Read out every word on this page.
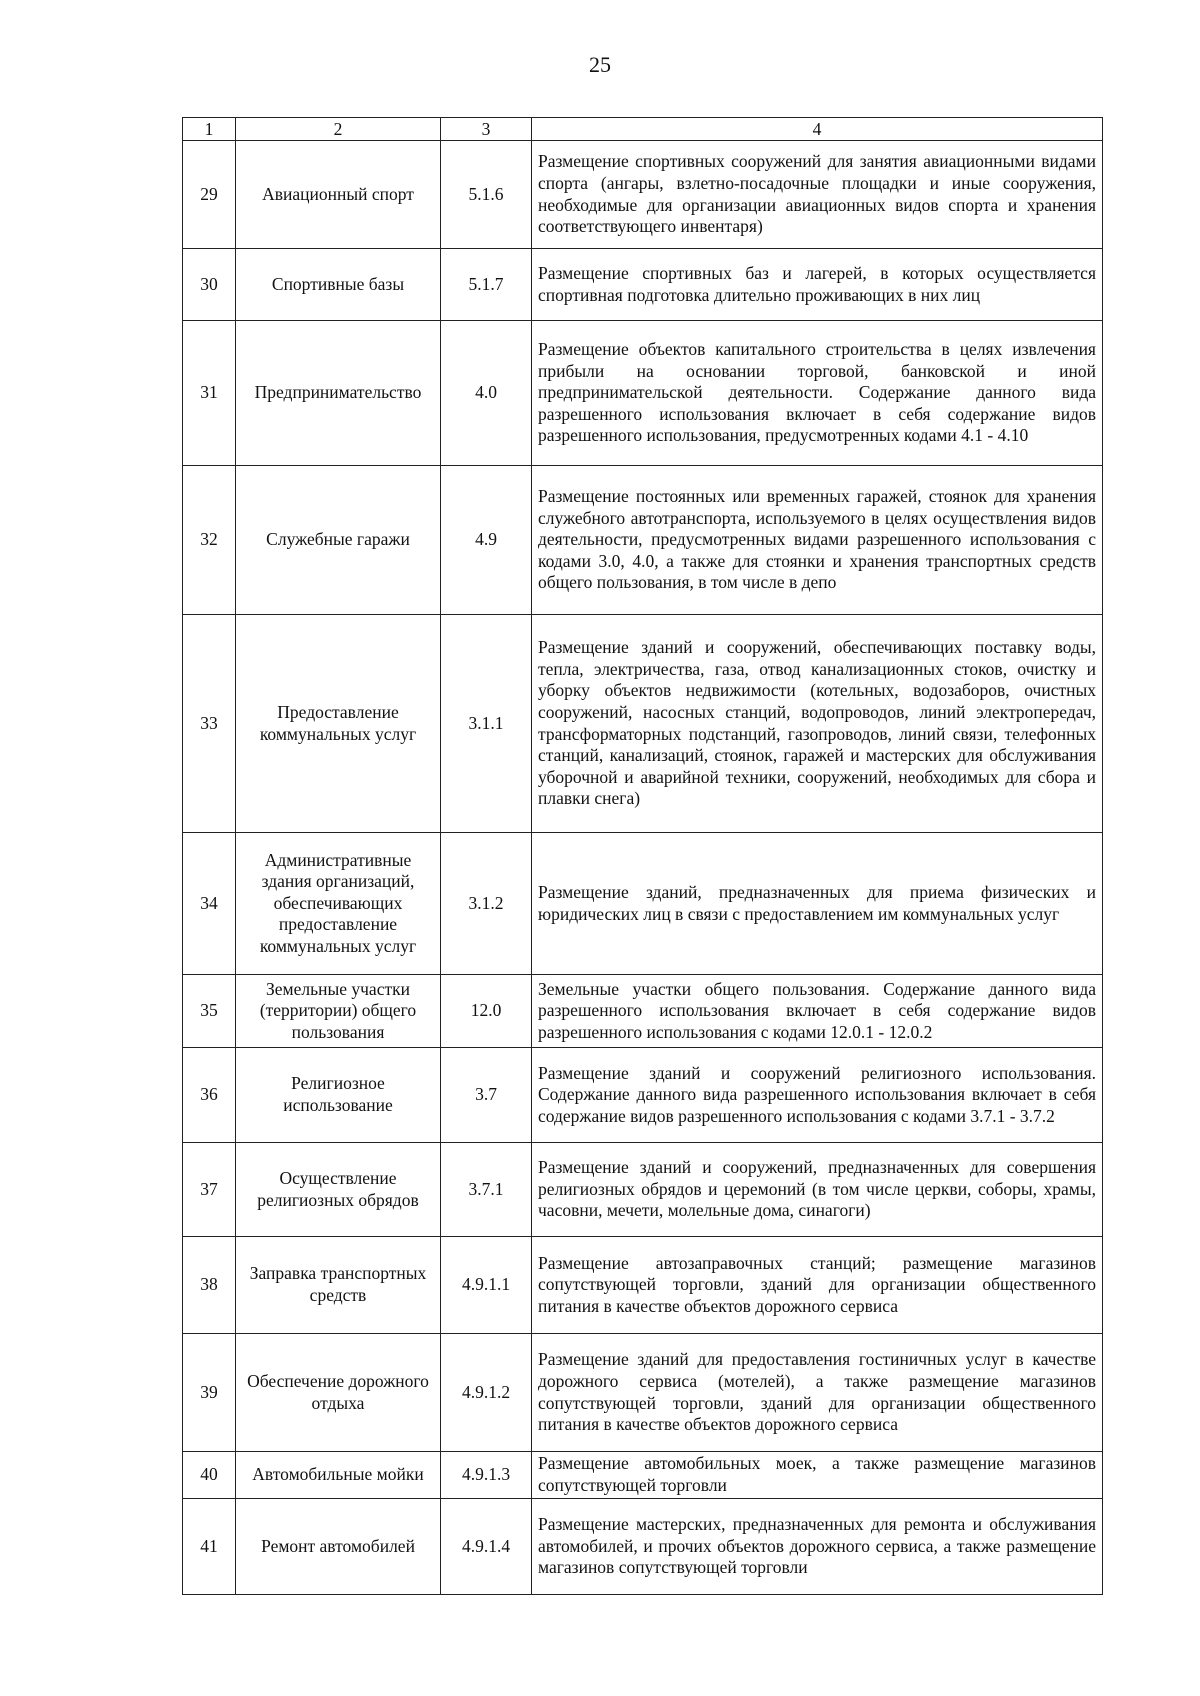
25
1	2	3	4
29	Авиационный спорт	5.1.6	Размещение спортивных сооружений для занятия авиационными видами спорта (ангары, взлетно-посадочные площадки и иные сооружения, необходимые для организации авиационных видов спорта и хранения соответствующего инвентаря)
30	Спортивные базы	5.1.7	Размещение спортивных баз и лагерей, в которых осуществляется спортивная подготовка длительно проживающих в них лиц
31	Предпринимательство	4.0	Размещение объектов капитального строительства в целях извлечения прибыли на основании торговой, банковской и иной предпринимательской деятельности. Содержание данного вида разрешенного использования включает в себя содержание видов разрешенного использования, предусмотренных кодами 4.1 - 4.10
32	Служебные гаражи	4.9	Размещение постоянных или временных гаражей, стоянок для хранения служебного автотранспорта, используемого в целях осуществления видов деятельности, предусмотренных видами разрешенного использования с кодами 3.0, 4.0, а также для стоянки и хранения транспортных средств общего пользования, в том числе в депо
33	Предоставление коммунальных услуг	3.1.1	Размещение зданий и сооружений, обеспечивающих поставку воды, тепла, электричества, газа, отвод канализационных стоков, очистку и уборку объектов недвижимости (котельных, водозаборов, очистных сооружений, насосных станций, водопроводов, линий электропередач, трансформаторных подстанций, газопроводов, линий связи, телефонных станций, канализаций, стоянок, гаражей и мастерских для обслуживания уборочной и аварийной техники, сооружений, необходимых для сбора и плавки снега)
34	Административные здания организаций, обеспечивающих предоставление коммунальных услуг	3.1.2	Размещение зданий, предназначенных для приема физических и юридических лиц в связи с предоставлением им коммунальных услуг
35	Земельные участки (территории) общего пользования	12.0	Земельные участки общего пользования. Содержание данного вида разрешенного использования включает в себя содержание видов разрешенного использования с кодами 12.0.1 - 12.0.2
36	Религиозное использование	3.7	Размещение зданий и сооружений религиозного использования. Содержание данного вида разрешенного использования включает в себя содержание видов разрешенного использования с кодами 3.7.1 - 3.7.2
37	Осуществление религиозных обрядов	3.7.1	Размещение зданий и сооружений, предназначенных для совершения религиозных обрядов и церемоний (в том числе церкви, соборы, храмы, часовни, мечети, молельные дома, синагоги)
38	Заправка транспортных средств	4.9.1.1	Размещение автозаправочных станций; размещение магазинов сопутствующей торговли, зданий для организации общественного питания в качестве объектов дорожного сервиса
39	Обеспечение дорожного отдыха	4.9.1.2	Размещение зданий для предоставления гостиничных услуг в качестве дорожного сервиса (мотелей), а также размещение магазинов сопутствующей торговли, зданий для организации общественного питания в качестве объектов дорожного сервиса
40	Автомобильные мойки	4.9.1.3	Размещение автомобильных моек, а также размещение магазинов сопутствующей торговли
41	Ремонт автомобилей	4.9.1.4	Размещение мастерских, предназначенных для ремонта и обслуживания автомобилей, и прочих объектов дорожного сервиса, а также размещение магазинов сопутствующей торговли
